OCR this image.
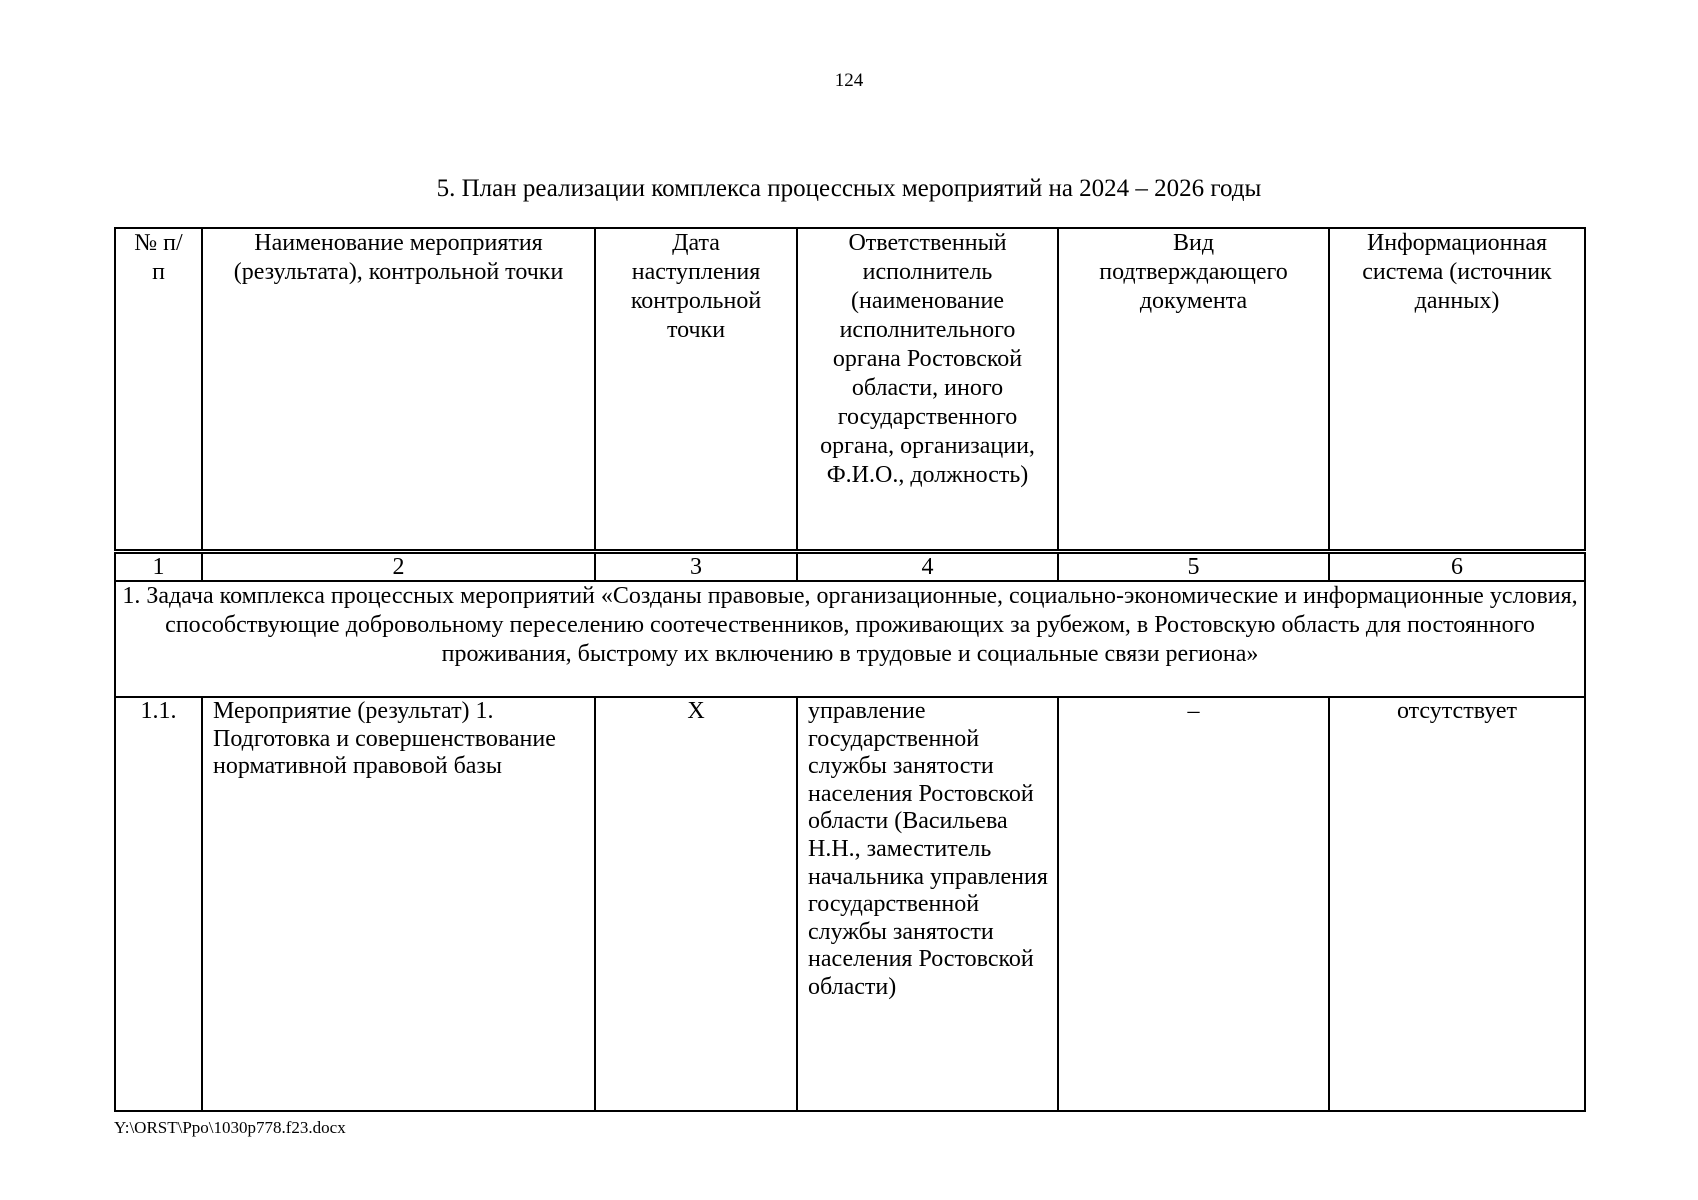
124
5. План реализации комплекса процессных мероприятий на 2024 – 2026 годы
№ п/п	Наименование мероприятия (результата), контрольной точки	Дата наступления контрольной точки	Ответственный исполнитель (наименование исполнительного органа Ростовской области, иного государственного органа, организации, Ф.И.О., должность)	Вид подтверждающего документа	Информационная система (источник данных)
1	2	3	4	5	6
1. Задача комплекса процессных мероприятий «Созданы правовые, организационные, социально-экономические и информационные условия, способствующие добровольному переселению соотечественников, проживающих за рубежом, в Ростовскую область для постоянного проживания, быстрому их включению в трудовые и социальные связи региона»					
1.1.	Мероприятие (результат) 1. Подготовка и совершенствование нормативной правовой базы	Х	управление государственной службы занятости населения Ростовской области (Васильева Н.Н., заместитель начальника управления государственной службы занятости населения Ростовской области)	–	отсутствует
Y:\ORST\Ppo\1030p778.f23.docx
